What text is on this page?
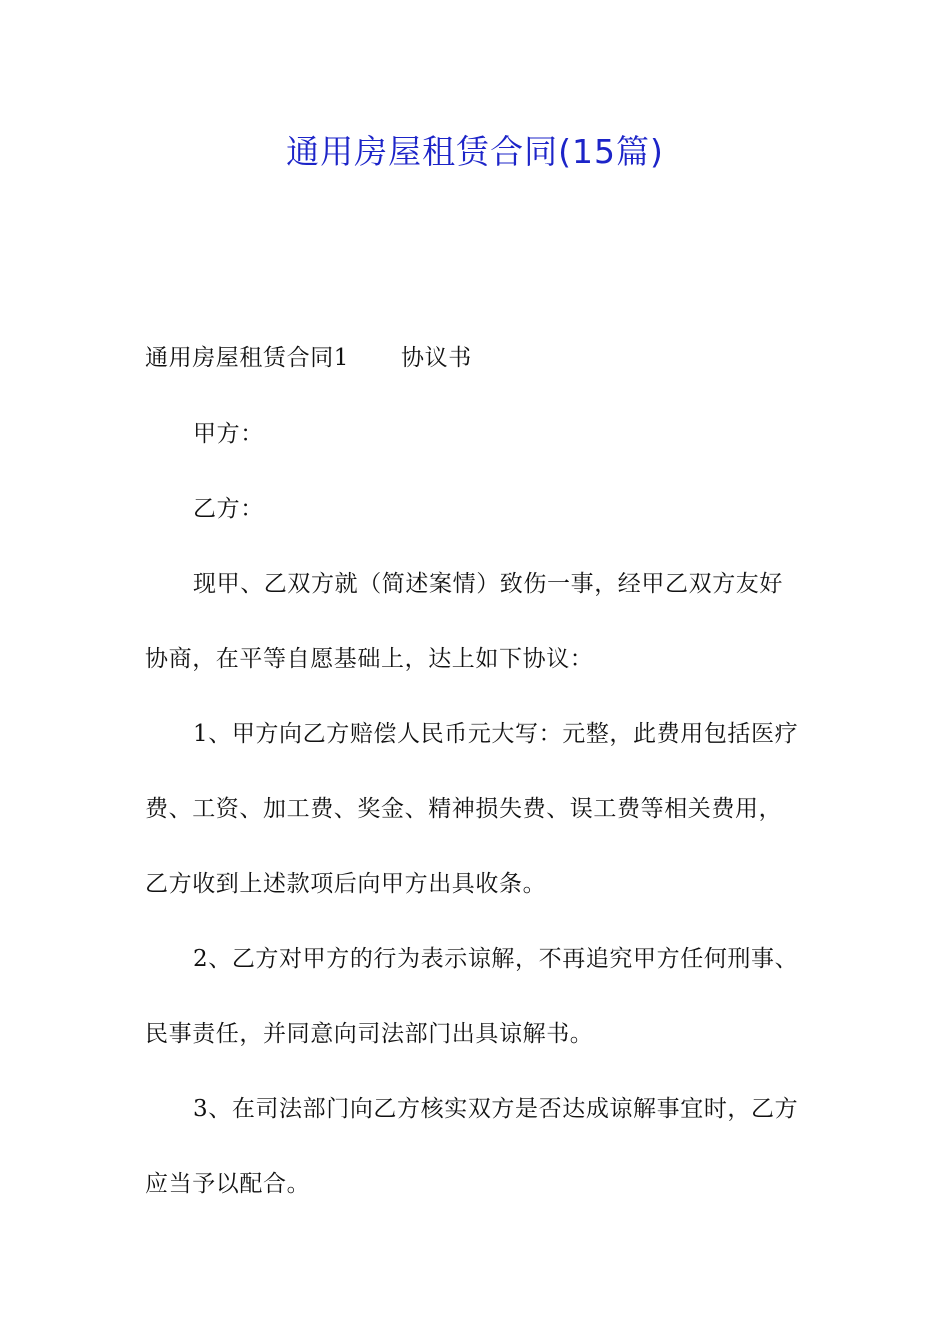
通用房屋租赁合同(15篇)
通用房屋租赁合同1 协议书
甲方：
乙方：
现甲、乙双方就（简述案情）致伤一事，经甲乙双方友好
协商，在平等自愿基础上，达上如下协议：
1、甲方向乙方赔偿人民币元大写：元整，此费用包括医疗
费、工资、加工费、奖金、精神损失费、误工费等相关费用，
乙方收到上述款项后向甲方出具收条。
2、乙方对甲方的行为表示谅解，不再追究甲方任何刑事、
民事责任，并同意向司法部门出具谅解书。
3、在司法部门向乙方核实双方是否达成谅解事宜时，乙方
应当予以配合。
